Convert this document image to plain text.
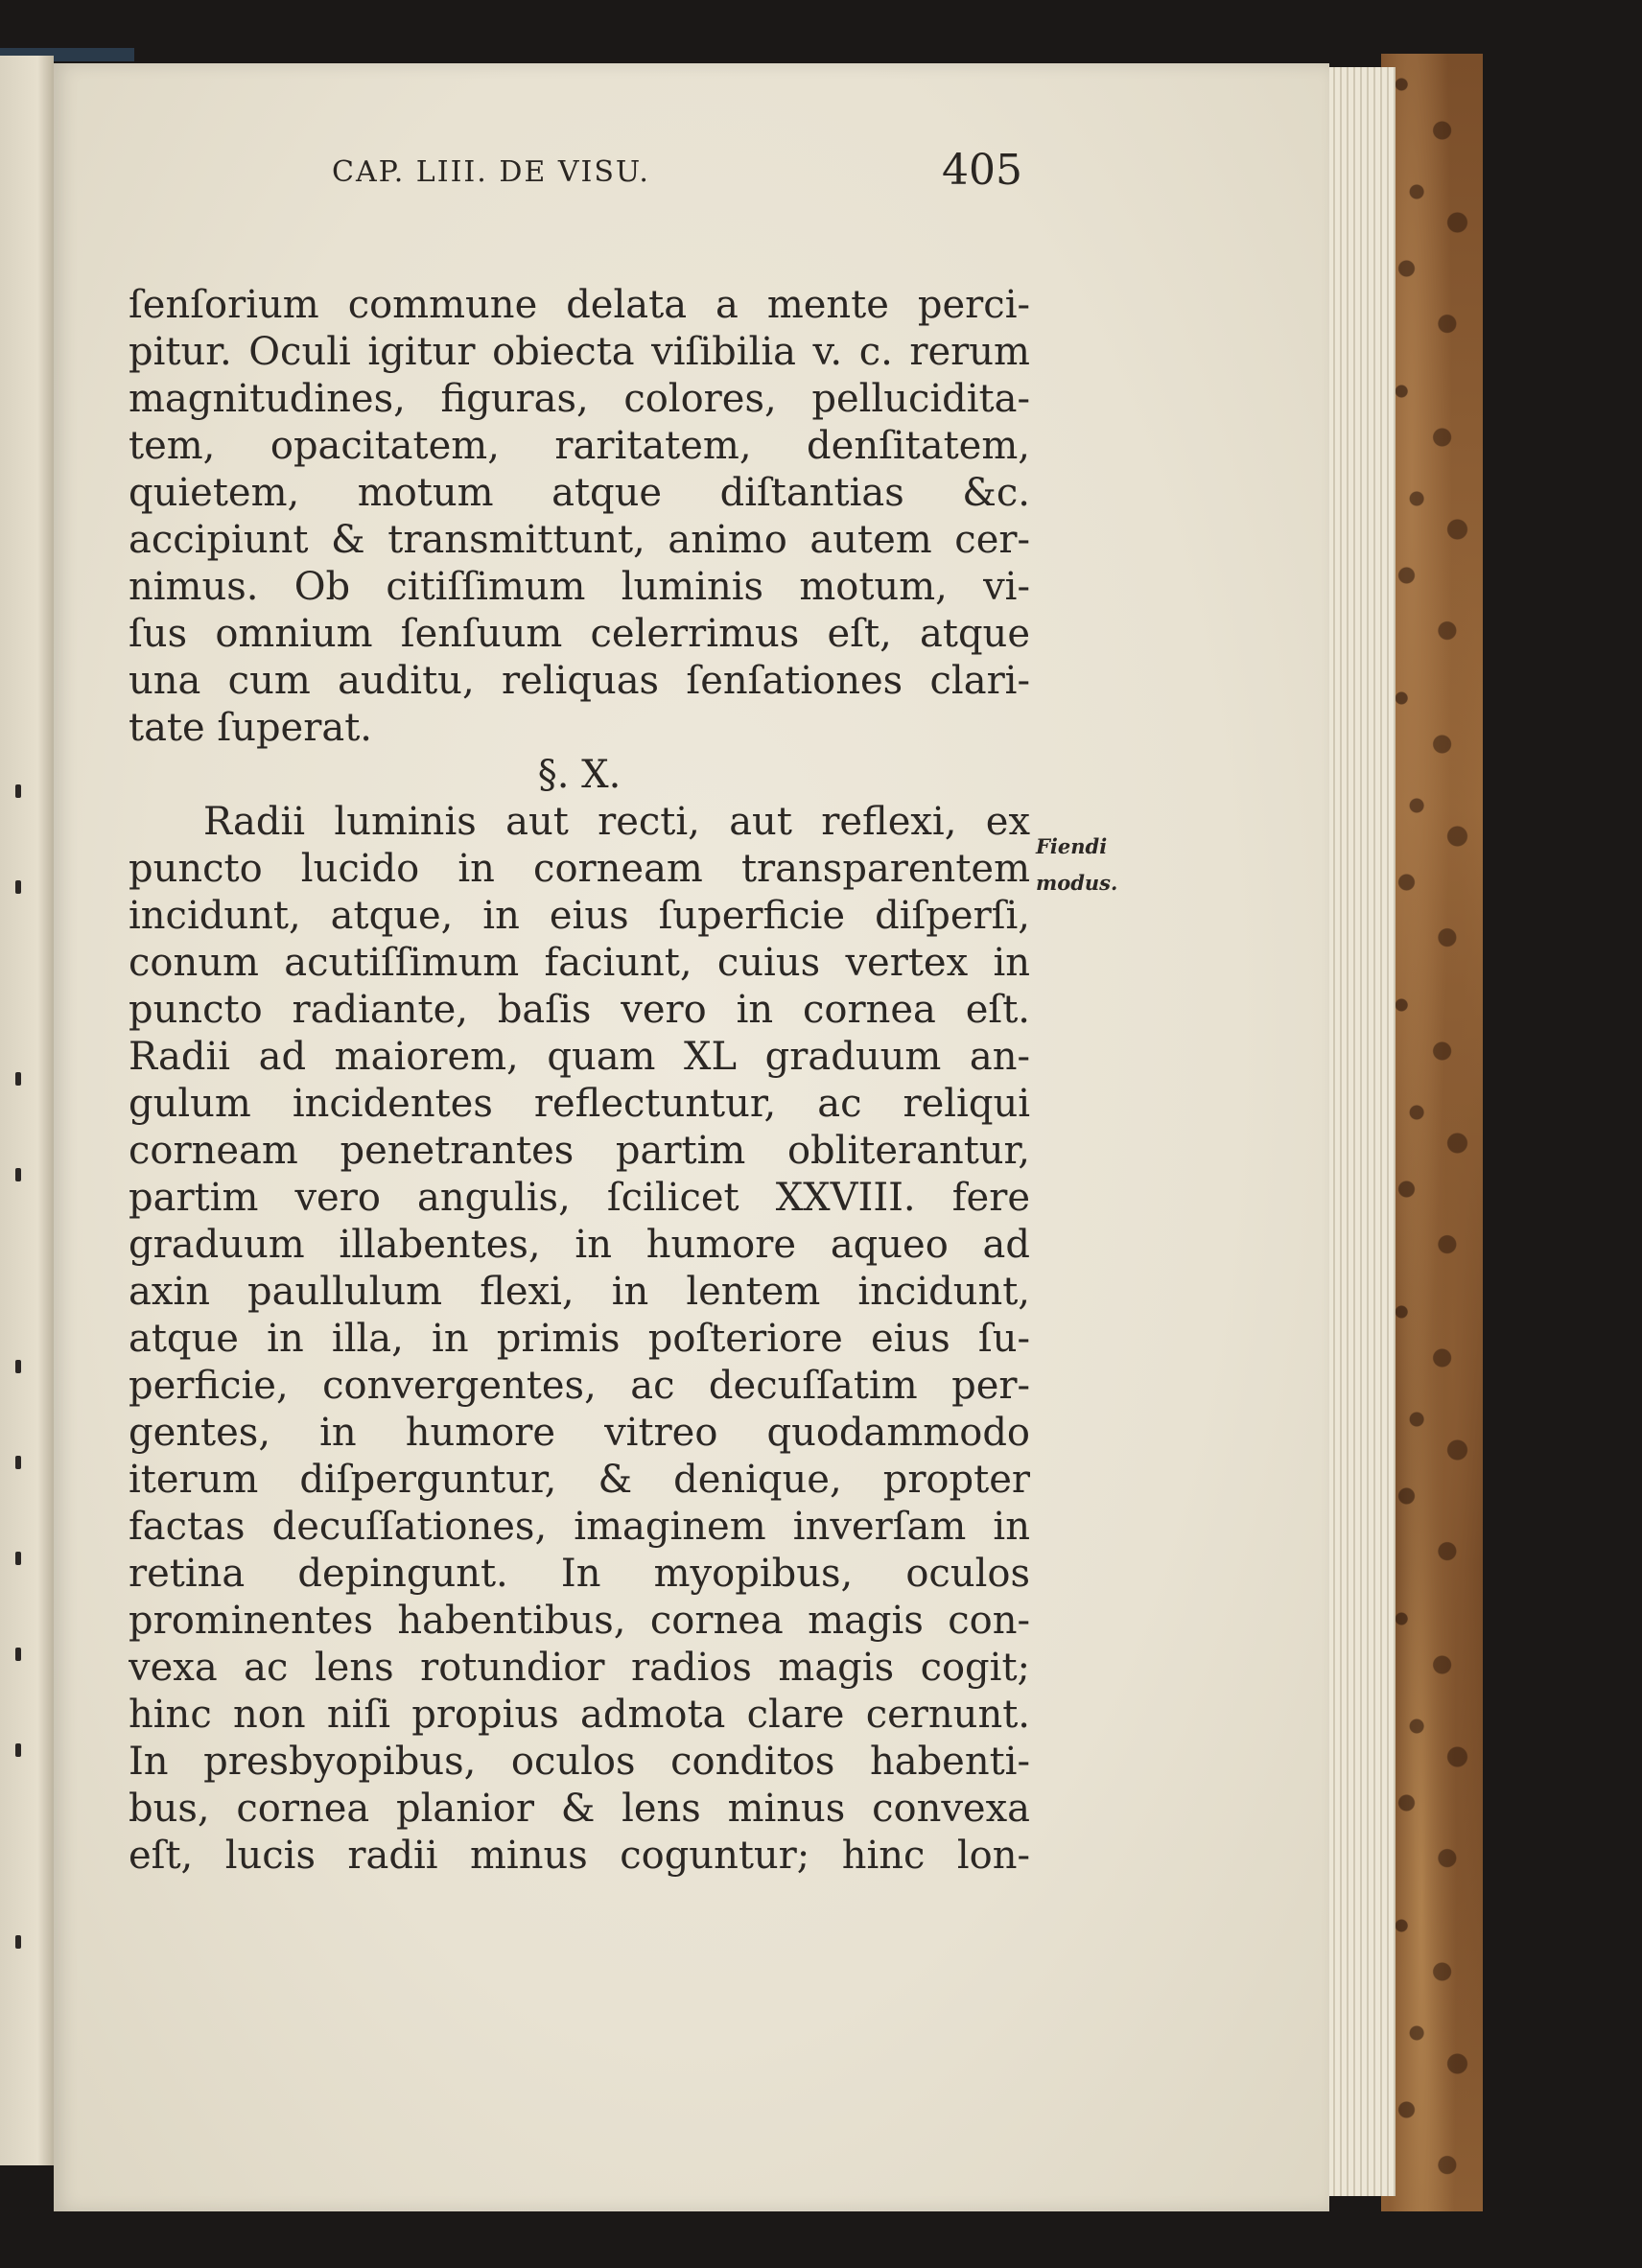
CAP. LIII. DE VISU.	405
ſenſorium commune delata a mente perci-
pitur. Oculi igitur obiecta viſibilia v. c. rerum
magnitudines, figuras, colores, pelluciditа-
tem, opacitatem, raritatem, denſitatem,
quietem, motum atque diſtantias &c.
accipiunt & transmittunt, animo autem cer-
nimus. Ob citiſſimum luminis motum, vi-
ſus omnium ſenſuum celerrimus eſt, atque
una cum auditu, reliquas ſenſationes clari-
tate ſuperat.
§. X.
Radii luminis aut recti, aut reflexi, ex
puncto lucido in corneam transparentem
incidunt, atque, in eius ſuperficie diſperſi,
conum acutiſſimum faciunt, cuius vertex in
puncto radiante, baſis vero in cornea eſt.
Radii ad maiorem, quam XL graduum an-
gulum incidentes reflectuntur, ac reliqui
corneam penetrantes partim obliterantur,
partim vero angulis, ſcilicet XXVIII. fere
graduum illabentes, in humore aqueo ad
axin paullulum flexi, in lentem incidunt,
atque in illa, in primis poſteriore eius ſu-
perficie, convergentes, ac decuſſatim per-
gentes, in humore vitreo quodammodo
iterum diſperguntur, & denique, propter
factas decuſſationes, imaginem inverſam in
retina depingunt. In myopibus, oculos
prominentes habentibus, cornea magis con-
vexa ac lens rotundior radios magis cogit;
hinc non niſi propius admota clare cernunt.
In presbyopibus, oculos conditos habenti-
bus, cornea planior & lens minus convexa
eſt, lucis radii minus coguntur; hinc lon-
Fiendi
modus.
